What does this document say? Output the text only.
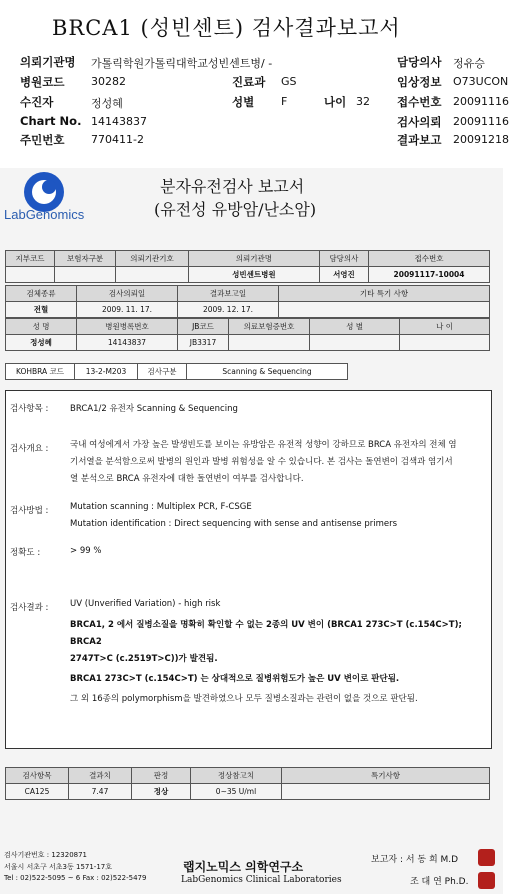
BRCA1 (성빈센트) 검사결과보고서
의뢰기관명 가톨릭학원가톨릭대학교성빈센트병/ -	담당의사 정유승
병원코드 30282	진료과 GS	임상정보 O73UCON
수진자	정성혜	성별 F	나이 32 접수번호 20091116
Chart No. 14143837	검사의뢰 20091116
주민번호 770411-2	결과보고 20091218
LabGenomics
분자유전검사 보고서
(유전성 유방암/난소암)
지부코드	보험자구분	의뢰기관기호	의뢰기관명	담당의사	접수번호
			성빈센트병원	서영진	20091117-10004
검체종류	검사의뢰일	결과보고일	기타 특기 사항
전혈	2009. 11. 17.	2009. 12. 17.	
성 명	병원병록번호	JB코드	의료보험증번호	성 별	나 이
정성혜	14143837	JB3317			
KOHBRA 코드	13-2-M203	검사구분	Scanning & Sequencing
검사항목 :	BRCA1/2 유전자 Scanning & Sequencing
검사개요 :	국내 여성에게서 가장 높은 발생빈도를 보이는 유방암은 유전적 성향이 강하므로 BRCA 유전자의 전체 염
기서열을 분석함으로써 발병의 원인과 발병 위험성을 알 수 있습니다. 본 검사는 돌연변이 검색과 염기서
열 분석으로 BRCA 유전자에 대한 돌연변이 여부를 검사합니다.
검사방법 :	Mutation scanning : Multiplex PCR, F-CSGE
Mutation identification : Direct sequencing with sense and antisense primers
정확도 :	> 99 %
검사결과 :	UV (Unverified Variation) - high risk
BRCA1, 2 에서 질병소질을 명확히 확인할 수 없는 2종의 UV 변이 (BRCA1 273C>T (c.154C>T); BRCA2
2747T>C (c.2519T>C))가 발견됨.
BRCA1 273C>T (c.154C>T) 는 상대적으로 질병위험도가 높은 UV 변이로 판단됨.
그 외 16종의 polymorphism을 발견하였으나 모두 질병소질과는 관련이 없을 것으로 판단됨.
검사항목	결과치	판정	정상참고치	특기사항
CA125	7.47	정상	0~35 U/ml	
검사기관번호 : 12320871
서울시 서초구 서초3동 1571-17호
Tel : 02)522-5095 ~ 6 Fax : 02)522-5479
랩지노믹스 의학연구소
LabGenomics Clinical Laboratories
보고자 : 서 동 희 M.D
조 대 연 Ph.D.
